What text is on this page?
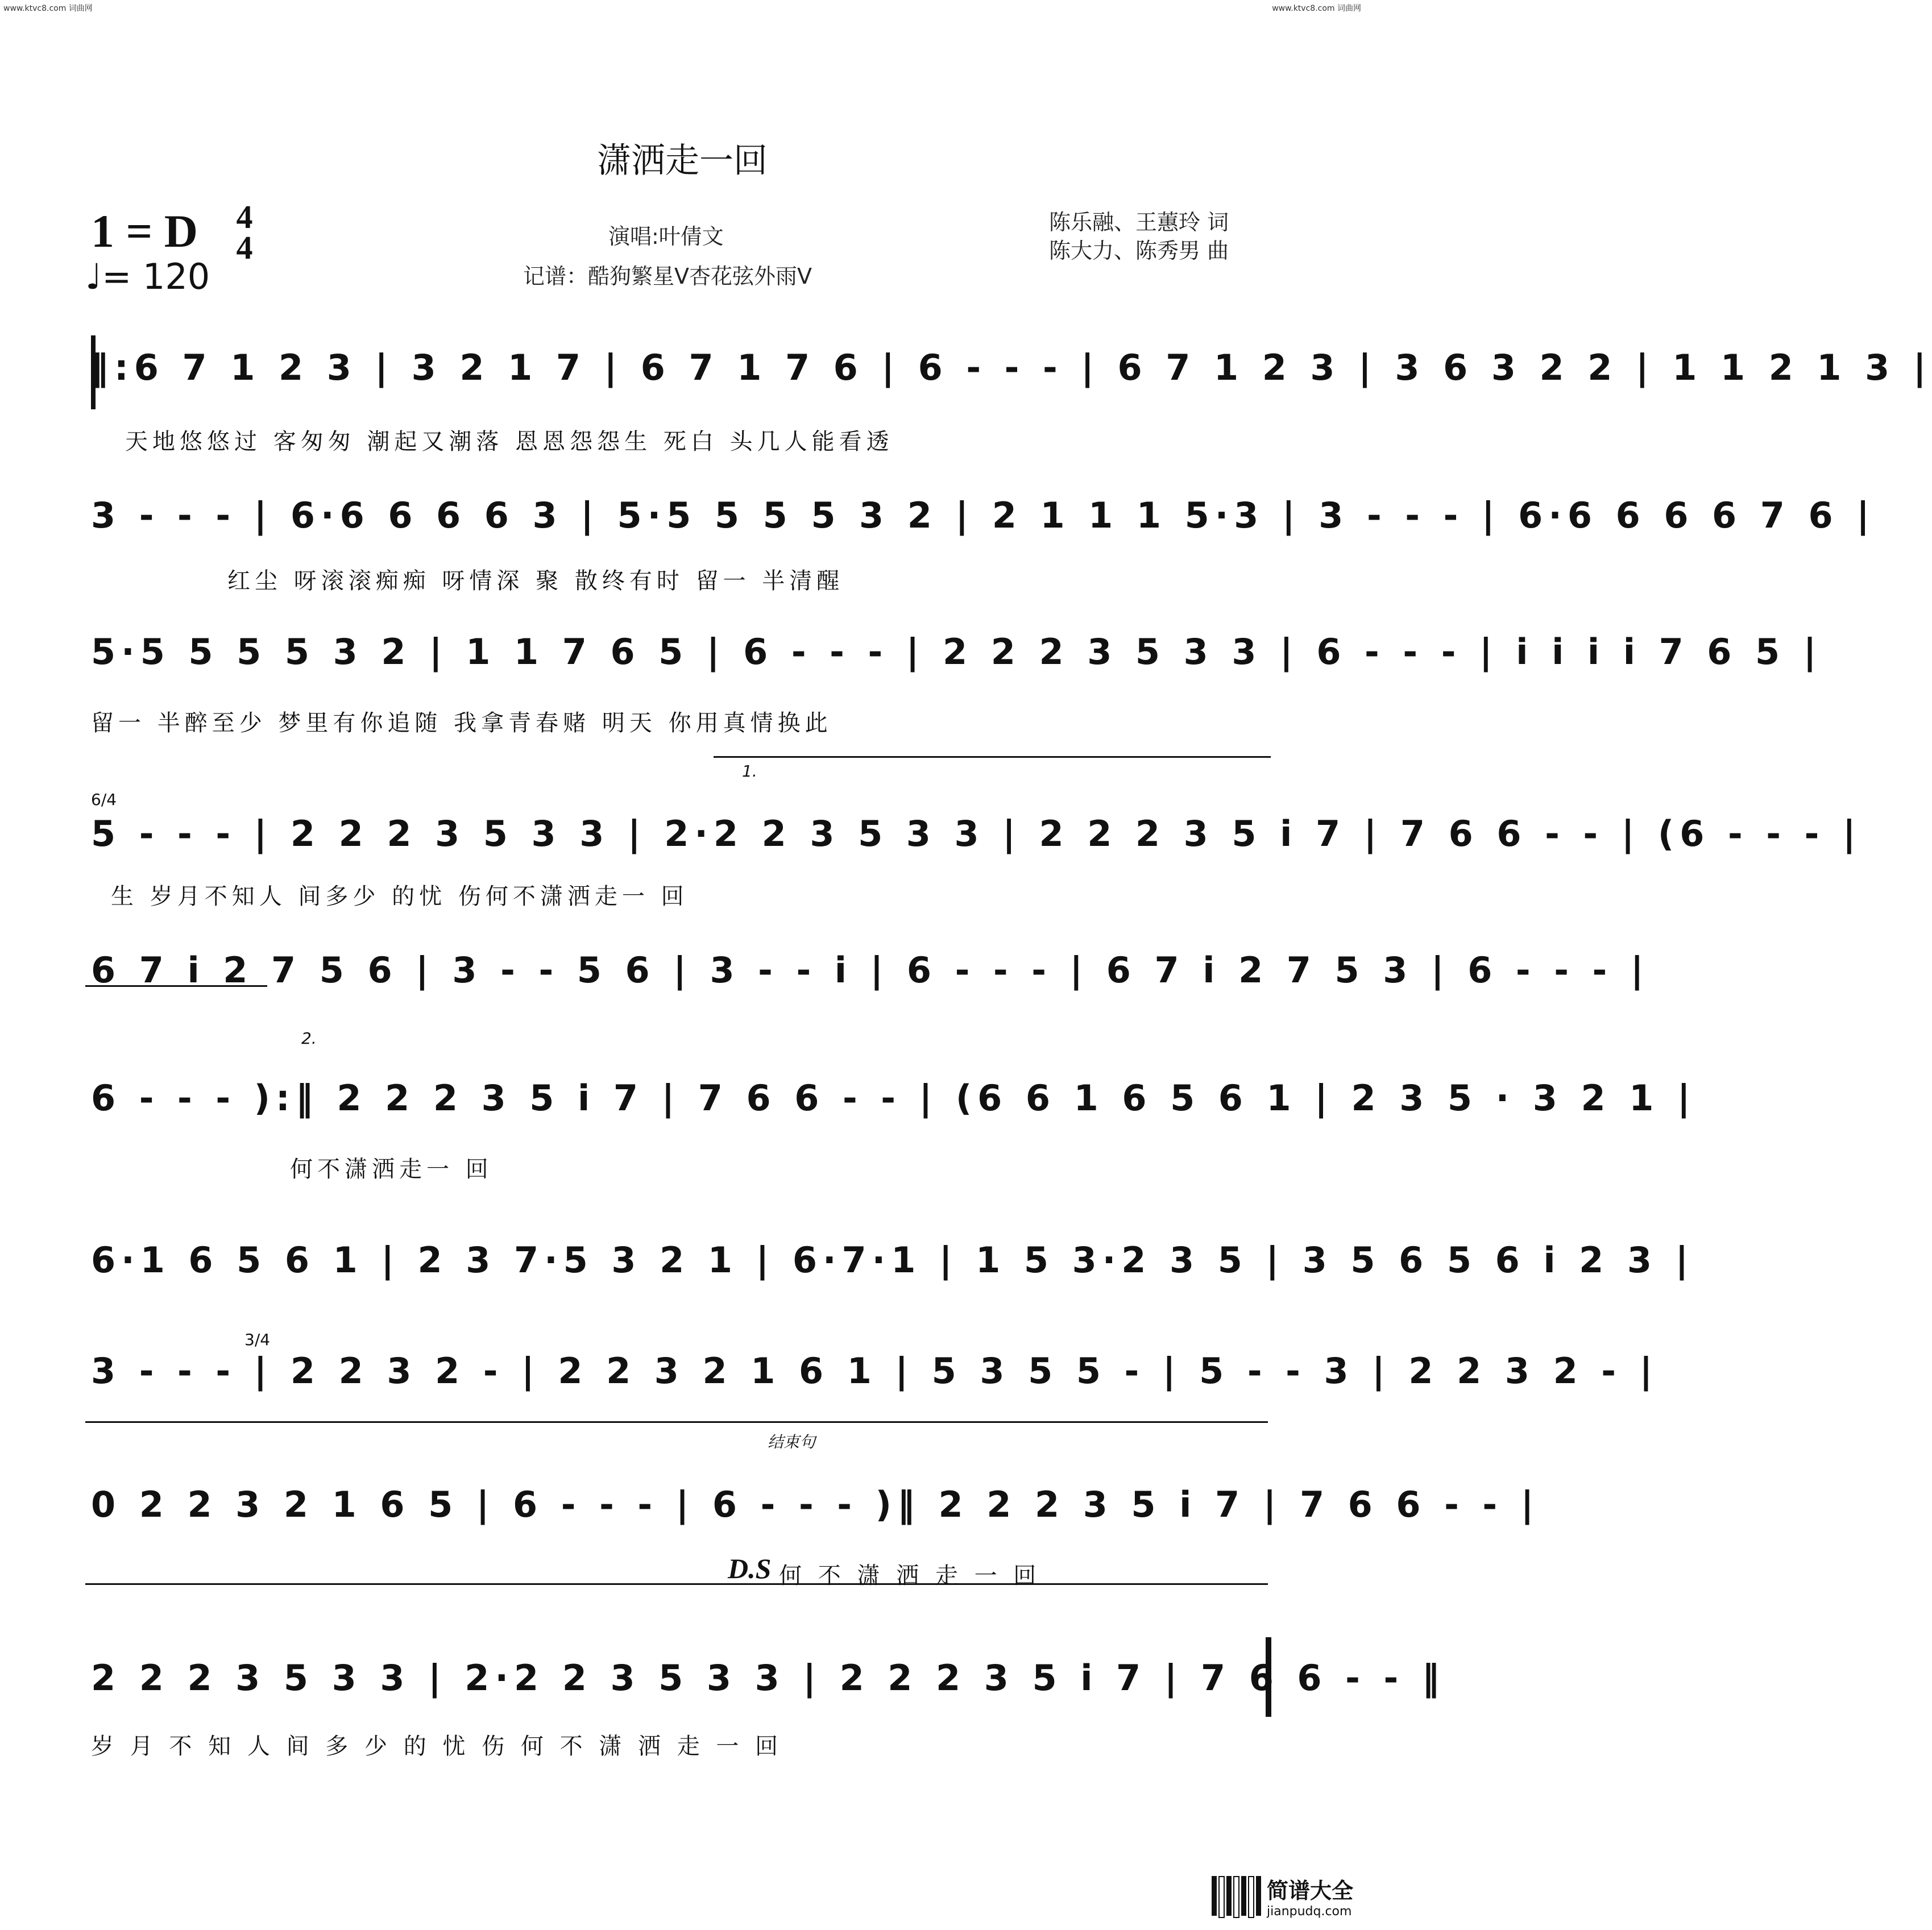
www.ktvc8.com 词曲网	www.ktvc8.com 词曲网
潇洒走一回
1 = D 4
4
♩= 120
演唱:叶倩文
记谱：酷狗繁星V杏花弦外雨V
陈乐融、王蕙玲 词
陈大力、陈秀男 曲
1.
2.
结束句
D.S
6/4
3/4
‖:6 7 1 2 3 | 3 2 1 7 | 6 7 1 7 6 | 6 - - - | 6 7 1 2 3 | 3 6 3 2 2 | 1 1 2 1 3 |
天地悠悠过 客匆匆 潮起又潮落 恩恩怨怨生 死白 头几人能看透
3 - - - | 6·6 6 6 6 3 | 5·5 5 5 5 3 2 | 2 1 1 1 5·3 | 3 - - - | 6·6 6 6 6 7 6 |
红尘 呀滚滚痴痴 呀情深 聚 散终有时 留一 半清醒
5·5 5 5 5 3 2 | 1 1 7 6 5 | 6 - - - | 2 2 2 3 5 3 3 | 6 - - - | i i i i 7 6 5 |
留一 半醉至少 梦里有你追随 我拿青春赌 明天 你用真情换此
5 - - - | 2 2 2 3 5 3 3 | 2·2 2 3 5 3 3 | 2 2 2 3 5 i 7 | 7 6 6 - - | (6 - - - |
生 岁月不知人 间多少 的忧 伤何不潇洒走一 回
6 7 i 2 7 5 6 | 3 - - 5 6 | 3 - - i | 6 - - - | 6 7 i 2 7 5 3 | 6 - - - |
6 - - - ):‖ 2 2 2 3 5 i 7 | 7 6 6 - - | (6 6 1 6 5 6 1 | 2 3 5 · 3 2 1 |
何不潇洒走一 回
6·1 6 5 6 1 | 2 3 7·5 3 2 1 | 6·7·1 | 1 5 3·2 3 5 | 3 5 6 5 6 i 2 3 |
3 - - - | 2 2 3 2 - | 2 2 3 2 1 6 1 | 5 3 5 5 - | 5 - - 3 | 2 2 3 2 - |
0 2 2 3 2 1 6 5 | 6 - - - | 6 - - - )‖ 2 2 2 3 5 i 7 | 7 6 6 - - |
何 不 潇 洒 走 一 回
2 2 2 3 5 3 3 | 2·2 2 3 5 3 3 | 2 2 2 3 5 i 7 | 7 6 6 - - ‖
岁 月 不 知 人 间 多 少 的 忧 伤 何 不 潇 洒 走 一 回
简谱大全
jianpudq.com
